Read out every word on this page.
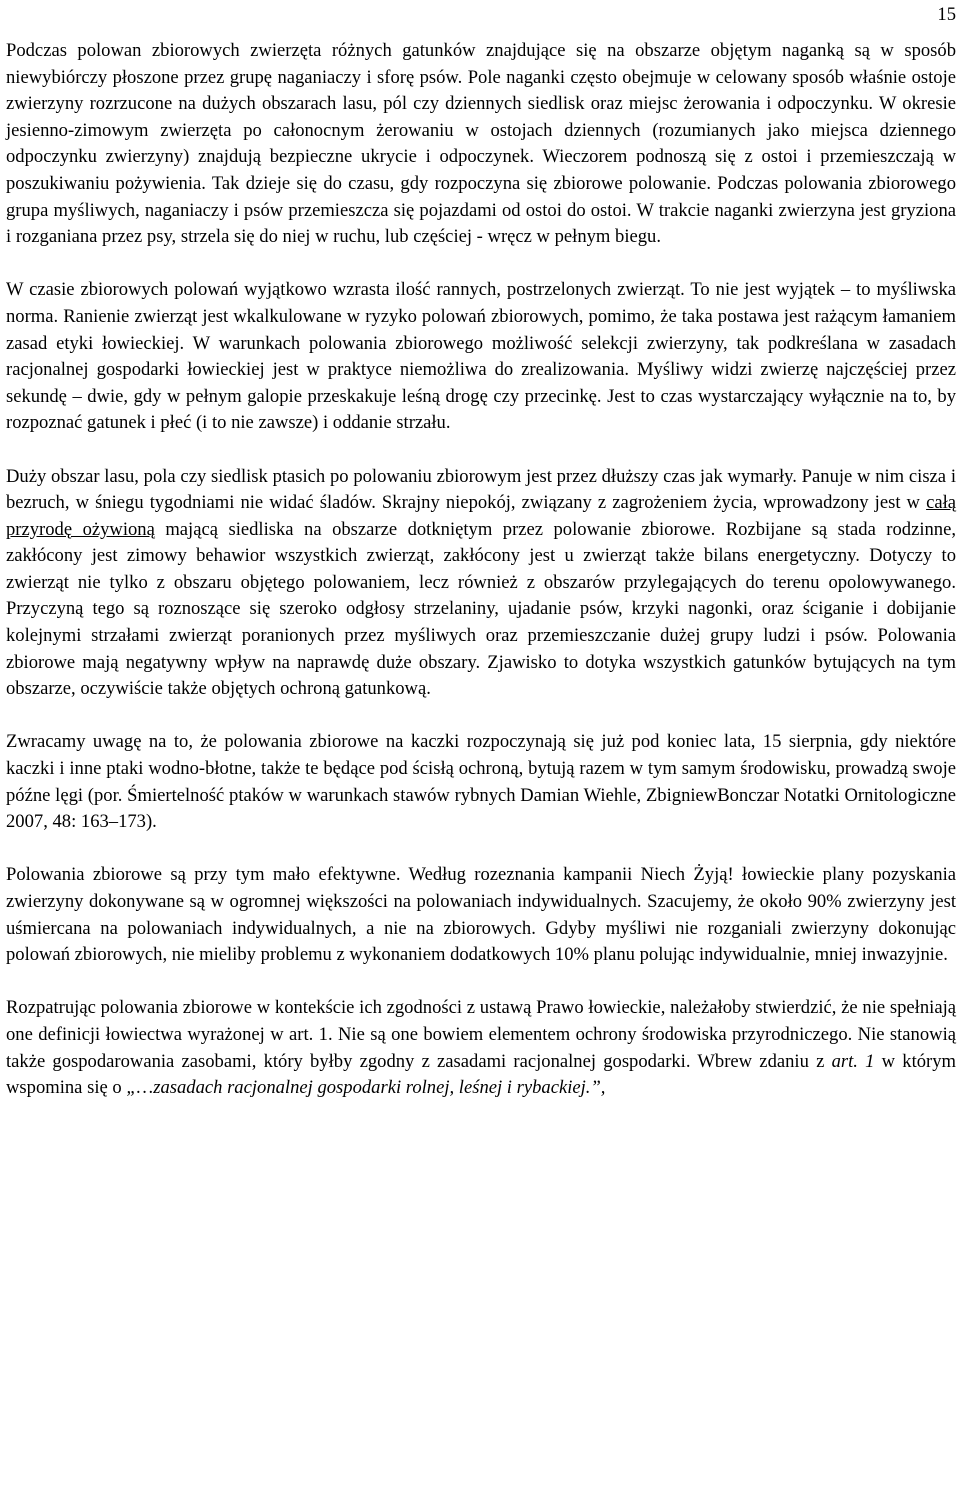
15

Podczas polowan zbiorowych zwierzęta różnych gatunków znajdujące się na obszarze objętym naganką są w sposób niewybiórczy płoszone przez grupę naganiaczy i sforę psów. Pole naganki często obejmuje w celowany sposób właśnie ostoje zwierzyny rozrzucone na dużych obszarach lasu, pól czy dziennych siedlisk oraz miejsc żerowania i odpoczynku. W okresie jesienno-zimowym zwierzęta po całonocnym żerowaniu w ostojach dziennych (rozumianych jako miejsca dziennego odpoczynku zwierzyny) znajdują bezpieczne ukrycie i odpoczynek. Wieczorem podnoszą się z ostoi i przemieszczają w poszukiwaniu pożywienia. Tak dzieje się do czasu, gdy rozpoczyna się zbiorowe polowanie. Podczas polowania zbiorowego grupa myśliwych, naganiaczy i psów przemieszcza się pojazdami od ostoi do ostoi. W trakcie naganki zwierzyna jest gryziona i rozganiana przez psy, strzela się do niej w ruchu, lub częściej - wręcz w pełnym biegu.

W czasie zbiorowych polowań wyjątkowo wzrasta ilość rannych, postrzelonych zwierząt. To nie jest wyjątek – to myśliwska norma. Ranienie zwierząt jest wkalkulowane w ryzyko polowań zbiorowych, pomimo, że taka postawa jest rażącym łamaniem zasad etyki łowieckiej. W warunkach polowania zbiorowego możliwość selekcji zwierzyny, tak podkreślana w zasadach racjonalnej gospodarki łowieckiej jest w praktyce niemożliwa do zrealizowania. Myśliwy widzi zwierzę najczęściej przez sekundę – dwie, gdy w pełnym galopie przeskakuje leśną drogę czy przecinkę. Jest to czas wystarczający wyłącznie na to, by rozpoznać gatunek i płeć (i to nie zawsze) i oddanie strzału.

Duży obszar lasu, pola czy siedlisk ptasich po polowaniu zbiorowym jest przez dłuższy czas jak wymarły. Panuje w nim cisza i bezruch, w śniegu tygodniami nie widać śladów. Skrajny niepokój, związany z zagrożeniem życia, wprowadzony jest w całą przyrodę ożywioną mającą siedliska na obszarze dotkniętym przez polowanie zbiorowe. Rozbijane są stada rodzinne, zakłócony jest zimowy behawior wszystkich zwierząt, zakłócony jest u zwierząt także bilans energetyczny. Dotyczy to zwierząt nie tylko z obszaru objętego polowaniem, lecz również z obszarów przylegających do terenu opolowywanego. Przyczyną tego są roznoszące się szeroko odgłosy strzelaniny, ujadanie psów, krzyki nagonki, oraz ściganie i dobijanie kolejnymi strzałami zwierząt poranionych przez myśliwych oraz przemieszczanie dużej grupy ludzi i psów. Polowania zbiorowe mają negatywny wpływ na naprawdę duże obszary. Zjawisko to dotyka wszystkich gatunków bytujących na tym obszarze, oczywiście także objętych ochroną gatunkową.

Zwracamy uwagę na to, że polowania zbiorowe na kaczki rozpoczynają się już pod koniec lata, 15 sierpnia, gdy niektóre kaczki i inne ptaki wodno-błotne, także te będące pod ścisłą ochroną, bytują razem w tym samym środowisku, prowadzą swoje późne lęgi (por. Śmiertelność ptaków w warunkach stawów rybnych Damian Wiehle, ZbigniewBonczar Notatki Ornitologiczne 2007, 48: 163–173).

Polowania zbiorowe są przy tym mało efektywne. Według rozeznania kampanii Niech Żyją! łowieckie plany pozyskania zwierzyny dokonywane są w ogromnej większości na polowaniach indywidualnych. Szacujemy, że około 90% zwierzyny jest uśmiercana na polowaniach indywidualnych, a nie na zbiorowych. Gdyby myśliwi nie rozganiali zwierzyny dokonując polowań zbiorowych, nie mieliby problemu z wykonaniem dodatkowych 10% planu polując indywidualnie, mniej inwazyjnie.

Rozpatrując polowania zbiorowe w kontekście ich zgodności z ustawą Prawo łowieckie, należałoby stwierdzić, że nie spełniają one definicji łowiectwa wyrażonej w art. 1. Nie są one bowiem elementem ochrony środowiska przyrodniczego. Nie stanowią także gospodarowania zasobami, który byłby zgodny z zasadami racjonalnej gospodarki. Wbrew zdaniu z art. 1 w którym wspomina się o „…zasadach racjonalnej gospodarki rolnej, leśnej i rybackiej.”,
